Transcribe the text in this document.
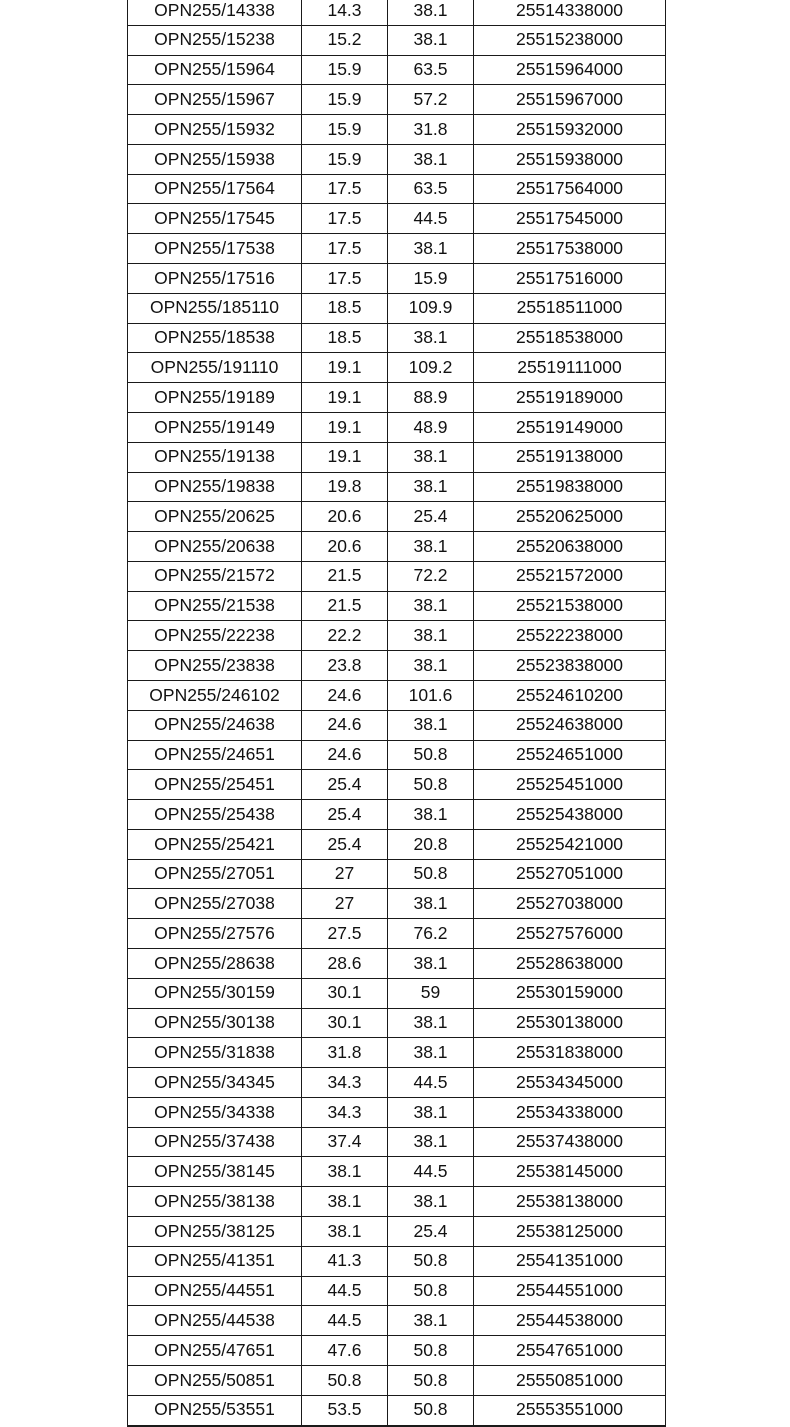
OPN255/14338	14.3	38.1	25514338000
OPN255/15238	15.2	38.1	25515238000
OPN255/15964	15.9	63.5	25515964000
OPN255/15967	15.9	57.2	25515967000
OPN255/15932	15.9	31.8	25515932000
OPN255/15938	15.9	38.1	25515938000
OPN255/17564	17.5	63.5	25517564000
OPN255/17545	17.5	44.5	25517545000
OPN255/17538	17.5	38.1	25517538000
OPN255/17516	17.5	15.9	25517516000
OPN255/185110	18.5	109.9	25518511000
OPN255/18538	18.5	38.1	25518538000
OPN255/191110	19.1	109.2	25519111000
OPN255/19189	19.1	88.9	25519189000
OPN255/19149	19.1	48.9	25519149000
OPN255/19138	19.1	38.1	25519138000
OPN255/19838	19.8	38.1	25519838000
OPN255/20625	20.6	25.4	25520625000
OPN255/20638	20.6	38.1	25520638000
OPN255/21572	21.5	72.2	25521572000
OPN255/21538	21.5	38.1	25521538000
OPN255/22238	22.2	38.1	25522238000
OPN255/23838	23.8	38.1	25523838000
OPN255/246102	24.6	101.6	25524610200
OPN255/24638	24.6	38.1	25524638000
OPN255/24651	24.6	50.8	25524651000
OPN255/25451	25.4	50.8	25525451000
OPN255/25438	25.4	38.1	25525438000
OPN255/25421	25.4	20.8	25525421000
OPN255/27051	27	50.8	25527051000
OPN255/27038	27	38.1	25527038000
OPN255/27576	27.5	76.2	25527576000
OPN255/28638	28.6	38.1	25528638000
OPN255/30159	30.1	59	25530159000
OPN255/30138	30.1	38.1	25530138000
OPN255/31838	31.8	38.1	25531838000
OPN255/34345	34.3	44.5	25534345000
OPN255/34338	34.3	38.1	25534338000
OPN255/37438	37.4	38.1	25537438000
OPN255/38145	38.1	44.5	25538145000
OPN255/38138	38.1	38.1	25538138000
OPN255/38125	38.1	25.4	25538125000
OPN255/41351	41.3	50.8	25541351000
OPN255/44551	44.5	50.8	25544551000
OPN255/44538	44.5	38.1	25544538000
OPN255/47651	47.6	50.8	25547651000
OPN255/50851	50.8	50.8	25550851000
OPN255/53551	53.5	50.8	25553551000
